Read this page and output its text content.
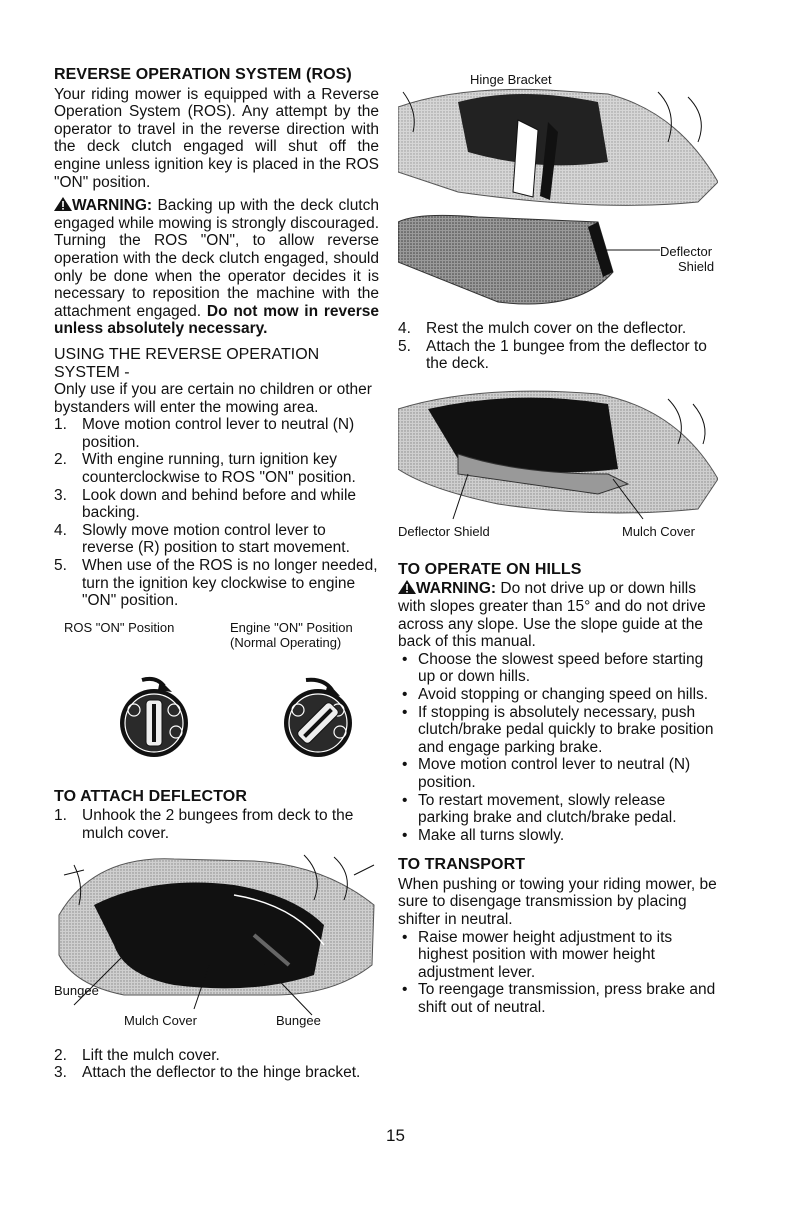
REVERSE OPERATION SYSTEM (ROS)

Your riding mower is equipped with a Reverse Operation System (ROS). Any attempt by the operator to travel in the reverse direction with the deck clutch engaged will shut off the engine unless ignition key is placed in the ROS "ON" position.

WARNING: Backing up with the deck clutch engaged while mowing is strongly discouraged. Turning the ROS "ON", to allow reverse operation with the deck clutch engaged, should only be done when the operator decides it is necessary to reposition the machine with the attachment engaged. Do not mow in reverse unless absolutely necessary.

USING THE REVERSE OPERATION SYSTEM -

Only use if you are certain no children or other bystanders will enter the mowing area.

1. Move motion control lever to neutral (N) position.
2. With engine running, turn ignition key counterclockwise to ROS "ON" position.
3. Look down and behind before and while backing.
4. Slowly move motion control lever to reverse (R) position to start movement.
5. When use of the ROS is no longer needed, turn the ignition key clockwise to engine "ON" position.
ROS "ON" Position	Engine "ON" Position
(Normal Operating)
TO ATTACH DEFLECTOR
1. Unhook the 2 bungees from deck to the mulch cover.
Bungee
Mulch Cover	Bungee
2. Lift the mulch cover.
3. Attach the deflector to the hinge bracket.
Hinge Bracket
Deflector
Shield
4. Rest the mulch cover on the deflector.
5. Attach the 1 bungee from the deflector to the deck.
Deflector Shield	Mulch Cover
TO OPERATE ON HILLS

WARNING: Do not drive up or down hills with slopes greater than 15° and do not drive across any slope. Use the slope guide at the back of this manual.

• Choose the slowest speed before starting up or down hills.
• Avoid stopping or changing speed on hills.
• If stopping is absolutely necessary, push clutch/brake pedal quickly to brake position and engage parking brake.
• Move motion control lever to neutral (N) position.
• To restart movement, slowly release parking brake and clutch/brake pedal.
• Make all turns slowly.
TO TRANSPORT

When pushing or towing your riding mower, be sure to disengage transmission by placing shifter in neutral.

• Raise mower height adjustment to its highest position with mower height adjustment lever.
• To reengage transmission, press brake and shift out of neutral.
15
